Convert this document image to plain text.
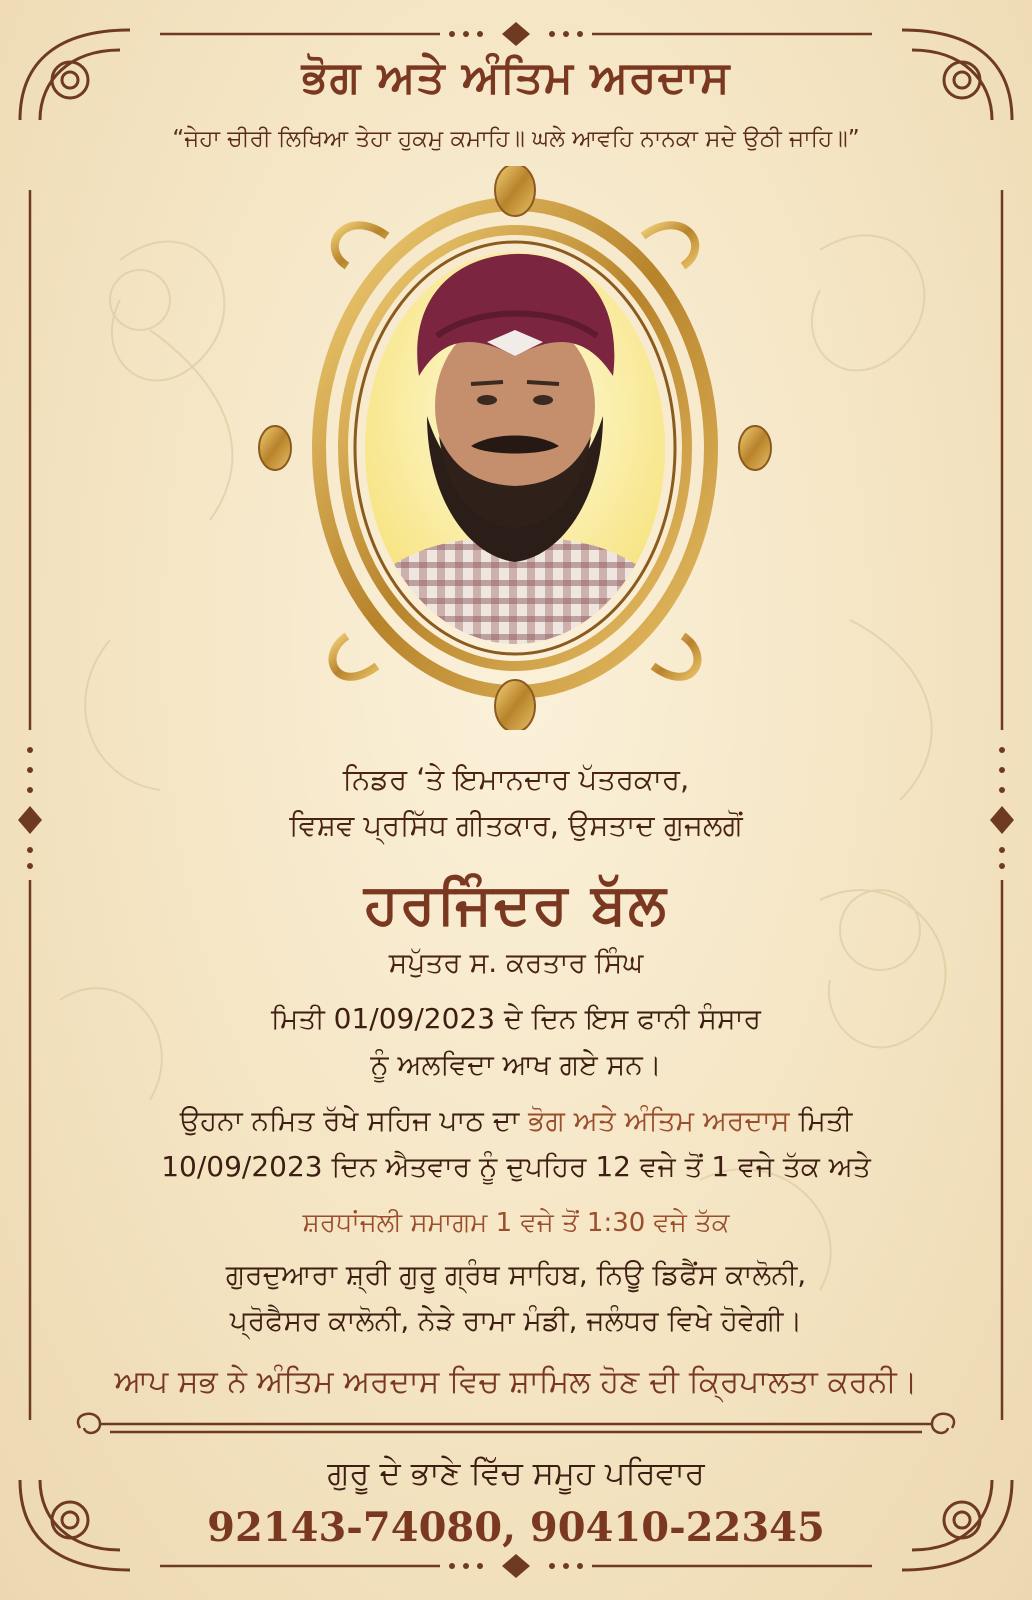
ਭੋਗ ਅਤੇ ਅੰਤਿਮ ਅਰਦਾਸ
“ਜੇਹਾ ਚੀਰੀ ਲਿਖਿਆ ਤੇਹਾ ਹੁਕਮੁ ਕਮਾਹਿ॥ ਘਲੇ ਆਵਹਿ ਨਾਨਕਾ ਸਦੇ ਉਠੀ ਜਾਹਿ॥”
ਨਿਡਰ ‘ਤੇ ਇਮਾਨਦਾਰ ਪੱਤਰਕਾਰ,
ਵਿਸ਼ਵ ਪ੍ਰਸਿੱਧ ਗੀਤਕਾਰ, ਉਸਤਾਦ ਗੁਜਲਗੋਂ
ਹਰਜਿੰਦਰ ਬੱਲ
ਸਪੁੱਤਰ ਸ. ਕਰਤਾਰ ਸਿੰਘ
ਮਿਤੀ 01/09/2023 ਦੇ ਦਿਨ ਇਸ ਫਾਨੀ ਸੰਸਾਰ
ਨੂੰ ਅਲਵਿਦਾ ਆਖ ਗਏ ਸਨ।
ਉਹਨਾ ਨਮਿਤ ਰੱਖੇ ਸਹਿਜ ਪਾਠ ਦਾ ਭੋਗ ਅਤੇ ਅੰਤਿਮ ਅਰਦਾਸ ਮਿਤੀ
10/09/2023 ਦਿਨ ਐਤਵਾਰ ਨੂੰ ਦੁਪਹਿਰ 12 ਵਜੇ ਤੋਂ 1 ਵਜੇ ਤੱਕ ਅਤੇ
ਸ਼ਰਧਾਂਜਲੀ ਸਮਾਗਮ 1 ਵਜੇ ਤੋਂ 1:30 ਵਜੇ ਤੱਕ
ਗੁਰਦੁਆਰਾ ਸ਼੍ਰੀ ਗੁਰੂ ਗ੍ਰੰਥ ਸਾਹਿਬ, ਨਿਊ ਡਿਫੈਂਸ ਕਾਲੋਨੀ,
ਪ੍ਰੋਫੈਸਰ ਕਾਲੋਨੀ, ਨੇੜੇ ਰਾਮਾ ਮੰਡੀ, ਜਲੰਧਰ ਵਿਖੇ ਹੋਵੇਗੀ।
ਆਪ ਸਭ ਨੇ ਅੰਤਿਮ ਅਰਦਾਸ ਵਿਚ ਸ਼ਾਮਿਲ ਹੋਣ ਦੀ ਕ੍ਰਿਪਾਲਤਾ ਕਰਨੀ।
ਗੁਰੂ ਦੇ ਭਾਣੇ ਵਿੱਚ ਸਮੂਹ ਪਰਿਵਾਰ
92143-74080, 90410-22345
